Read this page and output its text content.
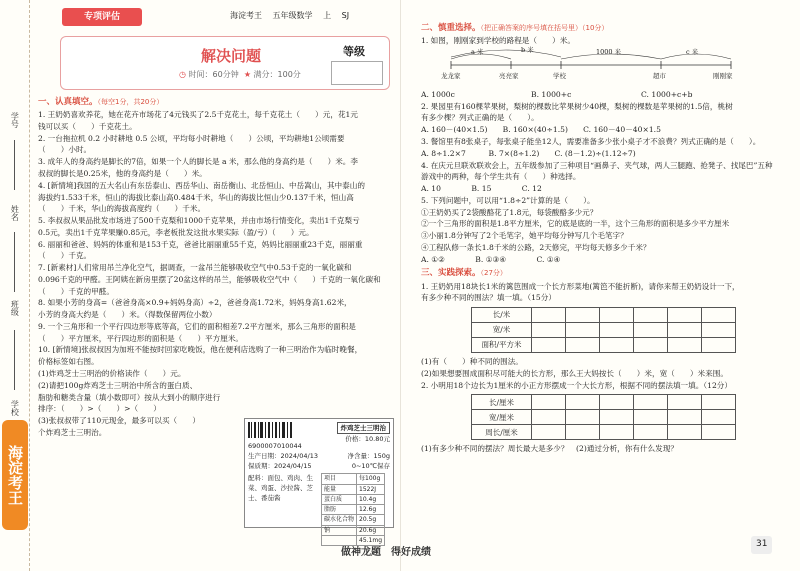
学号
姓名
班级
学校
海淀考王
专项评估	海淀考王 五年级数学 上 SJ
解决问题
◷ 时间：60分钟 ★ 满分：100分
等级
一、认真填空。（每空1分，共20分）
1. 王奶奶喜欢养花，她在花卉市场花了4元钱买了2.5千克花土，每千克花土（　　）元，花1元
钱可以买（　　）千克花土。
2. 一台拖拉机 0.2 小时耕地 0.5 公顷，平均每小时耕地（　　）公顷，平均耕地1公顷需要
（　　）小时。
3. 成年人的身高约是脚长的7倍，如果一个人的脚长是 a 米，那么他的身高约是（　　）米。李
叔叔的脚长是0.25米，他的身高约是（　　）米。
4. [新情境]我国的五大名山有东岳泰山、西岳华山、南岳衡山、北岳恒山、中岳嵩山，其中泰山的
海拔约1.533千米，恒山的海拔比泰山高0.484千米，华山的海拔比恒山少0.137千米，恒山高
（　　）千米，华山的海拔高度约（　　）千米。
5. 李叔叔从果品批发市场进了500千克梨和1000千克苹果，并由市场行情变化，卖出1千克梨亏
0.5元，卖出1千克苹果赚0.85元，李老板批发这批水果实际（盈/亏）（　　）元。
6. 丽丽和爸爸、妈妈的体重和是153千克，爸爸比丽丽重55千克，妈妈比丽丽重23千克，丽丽重
（　　）千克。
7. [新素材]人们常用吊兰净化空气，据调查，一盆吊兰能够吸收空气中0.53千克的一氧化碳和
0.096千克的甲醛。王阿姨在新房里摆了20盆这样的吊兰，能够吸收空气中（　　）千克的一氧化碳和
（　　）千克的甲醛。
8. 如果小芳的身高=（爸爸身高×0.9+妈妈身高）÷2，爸爸身高1.72米，妈妈身高1.62米，
小芳的身高大约是（　　）米。（得数保留两位小数）
9. 一个三角形和一个平行四边形等底等高，它们的面积相差7.2平方厘米，那么三角形的面积是
（　　）平方厘米，平行四边形的面积是（　　）平方厘米。
10. [新情境]张叔叔因为加班不能按时回家吃晚饭，他在便利店选购了一种三明治作为临时晚餐，
价格标签如右图。
(1)炸鸡芝士三明治的价格读作（　　）元。
(2)请把100g炸鸡芝士三明治中所含的蛋白质、
脂肪和糖类含量（填小数即可）按从大到小的顺序进行
排序：（　　）>（　　）>（　　）
(3)张叔叔带了110元现金，最多可以买（　　）
个炸鸡芝士三明治。
6900007010044
炸鸡芝士三明治
价格：10.80元
生产日期：2024/04/13
保质期：2024/04/15
净含量：150g
0~10℃保存
配料：面包、鸡肉、生菜、鸡蛋、沙拉酱、芝士、番茄酱
项目	每100g
能量	1522J
蛋白质	10.4g
脂肪	12.6g
碳水化合物	20.5g
钠	20.6g
	45.1mg
二、慎重选择。（把正确答案的序号填在括号里）（10分）
1. 如图，刚刚家到学校的路程是（　　）米。
a 米	b 米	1000 米	c 米
龙龙家	亮亮家	学校	超市	刚刚家
A. 1000c	B. 1000+c	C. 1000+c+b
2. 果园里有160棵苹果树，梨树的棵数比苹果树少40棵，梨树的棵数是苹果树的1.5倍，桃树
有多少棵？列式正确的是（　　）。
A. 160－(40×1.5)　　B. 160×(40÷1.5)　　C. 160－40－40×1.5
3. 餐馆里有8张桌子，每张桌子能坐12人，需要准备多少张小桌子才不浪费？列式正确的是（　　）。
A. 8÷1.2×7　　　B. 7×(8÷1.2)　　C. (8－1.2)÷(1.12÷7)
4. 在庆元旦联欢联欢会上，五年级参加了三种项目“画鼻子、夹气球，两人三腿跑、抢凳子、找尾巴”五种
游戏中的两种，每个学生共有（　　）种选择。
A. 10　　　　B. 15　　　　C. 12
5. 下列问题中，可以用“1.8÷2”计算的是（　　）。
①王奶奶买了2袋酸酪花了1.8元，每袋酸酪多少元？
②一个三角形的面积是1.8平方厘米，它的底是底的一半，这个三角形的面积是多少平方厘米
③小丽1.8分钟写了2个毛笔字，她平均每分钟写几个毛笔字？
④工程队修一条长1.8千米的公路，2天修完，平均每天修多少千米？
A. ①②　　　　B. ①③④　　　　C. ①④
三、实践探索。（27分）
1. 王奶奶用18块长1米的篱笆围成一个长方形菜地(篱笆不能折断)，请你来帮王奶奶设计一下，
有多少种不同的围法？填一填。（15分）
长/米						
宽/米						
面积/平方米						
(1)有（　　）种不同的围法。
(2)如果想要围成面积尽可能大的长方形，那么王大妈按长（　　）米，宽（　　）米来围。
2. 小明用18个边长为1厘米的小正方形摆成一个大长方形，根据不同的摆法填一填。（12分）
长/厘米						
宽/厘米						
周长/厘米						
(1)有多少种不同的摆法？周长最大是多少？　(2)通过分析，你有什么发现？
做神龙题　得好成绩
31
